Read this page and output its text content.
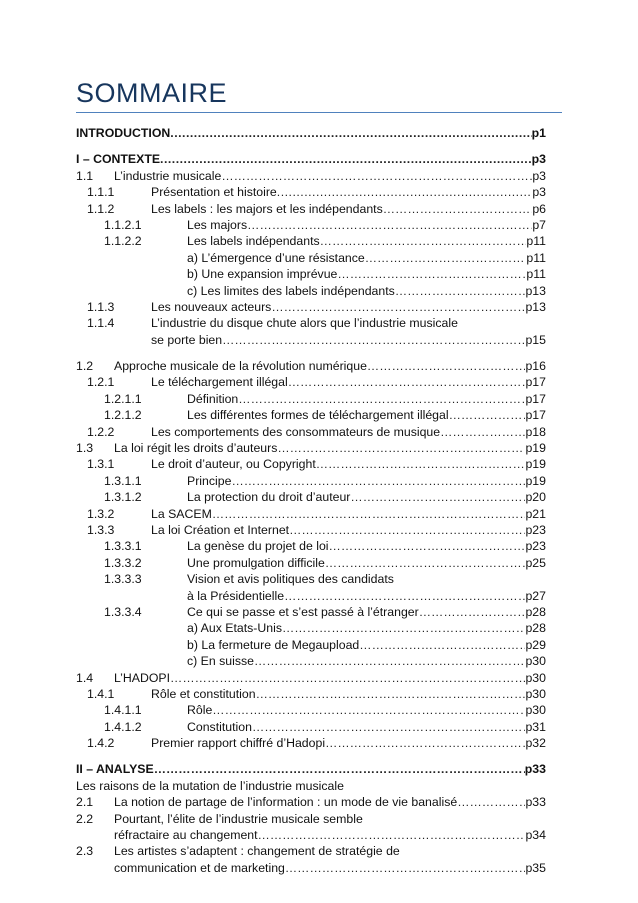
SOMMAIRE
INTRODUCTION .....	p1
I – CONTEXTE .....	p3
1.1 L’industrie musicale …………………………………………………………………………………………………………………………………………………………………	p3
1.1.1	Présentation et histoire .....	p3
1.1.2	Les labels : les majors et les indépendants …………………………………………………………………………………………………………………………………………………………………	p6
1.1.2.1	Les majors …………………………………………………………………………………………………………………………………………………………………	p7
1.1.2.2	Les labels indépendants …………………………………………………………………………………………………………………………………………………………………	p11
a) L’émergence d’une résistance …………………………………………………………………………………………………………………………………………………………………	p11
b) Une expansion imprévue …………………………………………………………………………………………………………………………………………………………………	p11
c) Les limites des labels indépendants …………………………………………………………………………………………………………………………………………………………………	p13
1.1.3	Les nouveaux acteurs …………………………………………………………………………………………………………………………………………………………………	p13
1.1.4	L’industrie du disque chute alors que l’industrie musicale
se porte bien …………………………………………………………………………………………………………………………………………………………………	p15
1.2 Approche musicale de la révolution numérique …………………………………………………………………………………………………………………………………………………………………	p16
1.2.1	Le téléchargement illégal …………………………………………………………………………………………………………………………………………………………………	p17
1.2.1.1	Définition …………………………………………………………………………………………………………………………………………………………………	p17
1.2.1.2	Les différentes formes de téléchargement illégal …………………………………………………………………………………………………………………………………………………………………	p17
1.2.2	Les comportements des consommateurs de musique …………………………………………………………………………………………………………………………………………………………………	p18
1.3 La loi régit les droits d’auteurs …………………………………………………………………………………………………………………………………………………………………	p19
1.3.1	Le droit d’auteur, ou Copyright …………………………………………………………………………………………………………………………………………………………………	p19
1.3.1.1	Principe …………………………………………………………………………………………………………………………………………………………………	p19
1.3.1.2	La protection du droit d’auteur …………………………………………………………………………………………………………………………………………………………………	p20
1.3.2	La SACEM …………………………………………………………………………………………………………………………………………………………………	p21
1.3.3	La loi Création et Internet …………………………………………………………………………………………………………………………………………………………………	p23
1.3.3.1	La genèse du projet de loi …………………………………………………………………………………………………………………………………………………………………	p23
1.3.3.2	Une promulgation difficile …………………………………………………………………………………………………………………………………………………………………	p25
1.3.3.3	Vision et avis politiques des candidats
à la Présidentielle …………………………………………………………………………………………………………………………………………………………………	p27
1.3.3.4	Ce qui se passe et s’est passé à l’étranger …………………………………………………………………………………………………………………………………………………………………	p28
a) Aux Etats-Unis …………………………………………………………………………………………………………………………………………………………………	p28
b) La fermeture de Megaupload …………………………………………………………………………………………………………………………………………………………………	p29
c) En suisse …………………………………………………………………………………………………………………………………………………………………	p30
1.4 L’HADOPI …………………………………………………………………………………………………………………………………………………………………	p30
1.4.1	Rôle et constitution …………………………………………………………………………………………………………………………………………………………………	p30
1.4.1.1	Rôle …………………………………………………………………………………………………………………………………………………………………	p30
1.4.1.2	Constitution …………………………………………………………………………………………………………………………………………………………………	p31
1.4.2	Premier rapport chiffré d’Hadopi …………………………………………………………………………………………………………………………………………………………………	p32
II – ANALYSE …………………………………………………………………………………………………………………………………………………………………	p33
Les raisons de la mutation de l’industrie musicale
2.1 La notion de partage de l’information : un mode de vie banalisé …………………………………………………………………………………………………………………………………………………………………	p33
2.2 Pourtant, l’élite de l’industrie musicale semble
réfractaire au changement …………………………………………………………………………………………………………………………………………………………………	p34
2.3 Les artistes s’adaptent : changement de stratégie de
communication et de marketing …………………………………………………………………………………………………………………………………………………………………	p35
